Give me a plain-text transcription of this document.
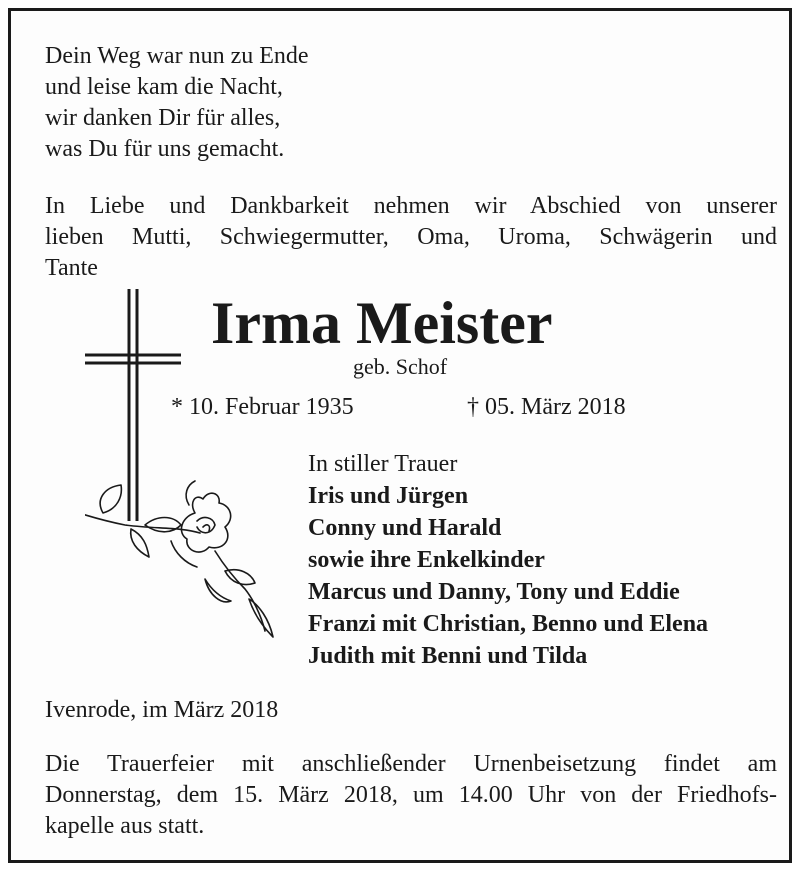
Dein Weg war nun zu Ende
und leise kam die Nacht,
wir danken Dir für alles,
was Du für uns gemacht.
In Liebe und Dankbarkeit nehmen wir Abschied von unserer
lieben Mutti, Schwiegermutter, Oma, Uroma, Schwägerin und
Tante
Irma Meister
geb. Schof
* 10. Februar 1935	† 05. März 2018
In stiller Trauer
Iris und Jürgen
Conny und Harald
sowie ihre Enkelkinder
Marcus und Danny, Tony und Eddie
Franzi mit Christian, Benno und Elena
Judith mit Benni und Tilda
Ivenrode, im März 2018
Die Trauerfeier mit anschließender Urnenbeisetzung findet am
Donnerstag, dem 15. März 2018, um 14.00 Uhr von der Friedhofs-
kapelle aus statt.
